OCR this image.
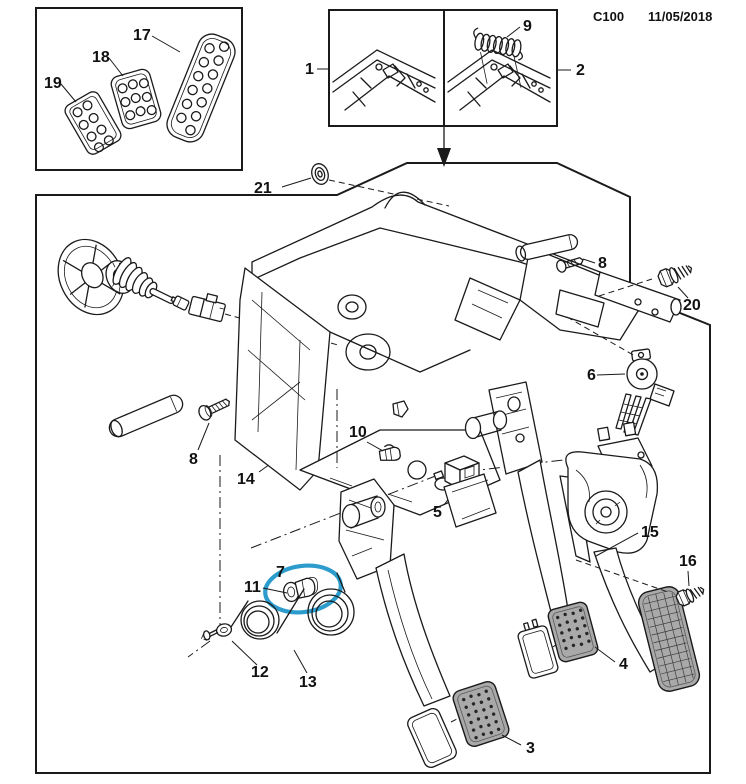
C100 11/05/2018
17
18
19
1	2
9
21
8
14
10
5
6
8
20
3
4
15
16
7
11
12
13
